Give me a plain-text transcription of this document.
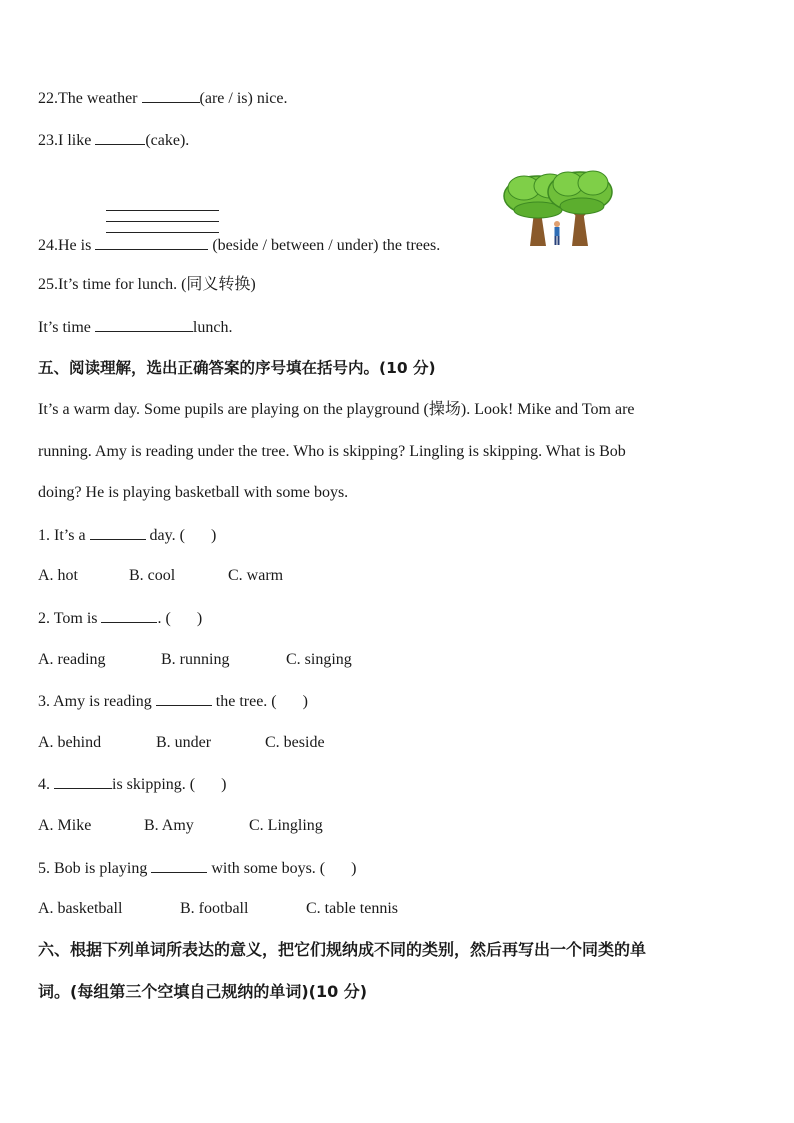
22.The weather	(are / is) nice.
23.I like	(cake).
24.He is	(beside / between / under) the trees.
25.It’s time for lunch. (同义转换)
It’s time	lunch.
五、阅读理解，选出正确答案的序号填在括号内。(10 分)
It’s a warm day. Some pupils are playing on the playground (操场). Look! Mike and Tom are
running. Amy is reading under the tree. Who is skipping? Lingling is skipping. What is Bob
doing? He is playing basketball with some boys.
1. It’s a	day. ( )
A. hot	B. cool	C. warm
2. Tom is	. ( )
A. reading	B. running	C. singing
3. Amy is reading	the tree. ( )
A. behind	B. under	C. beside
4.	is skipping. ( )
A. Mike	B. Amy	C. Lingling
5. Bob is playing	with some boys. ( )
A. basketball	B. football	C. table tennis
六、根据下列单词所表达的意义，把它们规纳成不同的类别，然后再写出一个同类的单
词。(每组第三个空填自己规纳的单词)(10 分)
